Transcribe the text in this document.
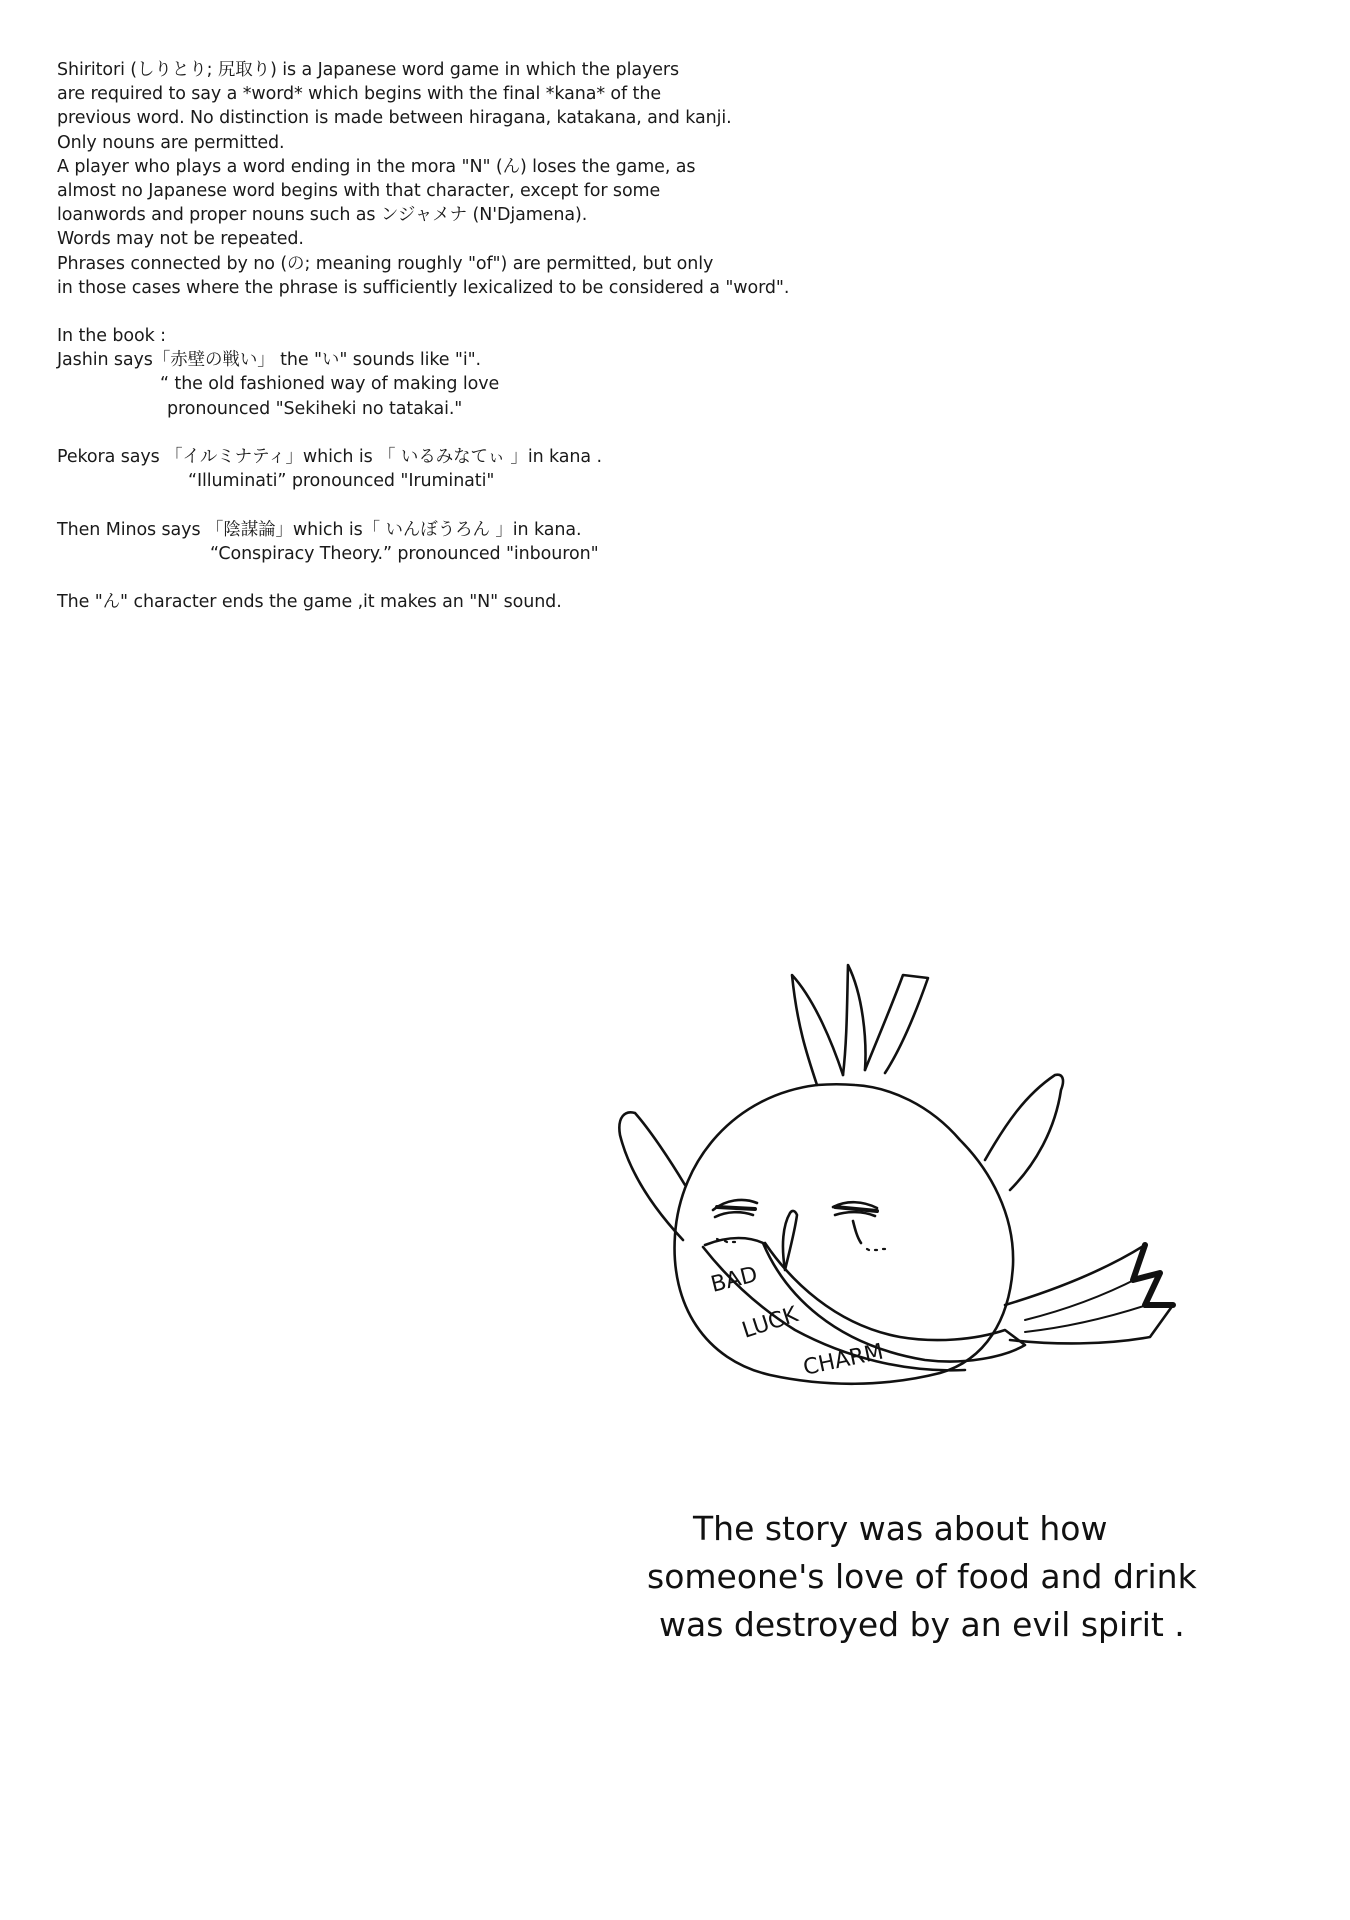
Shiritori (しりとり; 尻取り) is a Japanese word game in which the players
are required to say a *word* which begins with the final *kana* of the
previous word. No distinction is made between hiragana, katakana, and kanji.
Only nouns are permitted.
A player who plays a word ending in the mora "N" (ん) loses the game, as
almost no Japanese word begins with that character, except for some
loanwords and proper nouns such as ンジャメナ (N'Djamena).
Words may not be repeated.
Phrases connected by no (の; meaning roughly "of") are permitted, but only
in those cases where the phrase is sufficiently lexicalized to be considered a "word".
In the book :
Jashin says「赤壁の戦い」 the "い" sounds like "i".
“ the old fashioned way of making love
pronounced "Sekiheki no tatakai."
Pekora says 「イルミナティ」which is 「 いるみなてぃ 」in kana .
“Illuminati” pronounced "Iruminati"
Then Minos says 「陰謀論」which is「 いんぼうろん 」in kana.
“Conspiracy Theory.” pronounced "inbouron"
The "ん" character ends the game ,it makes an "N" sound.
BAD
LUCK
CHARM
The story was about how
someone's love of food and drink
was destroyed by an evil spirit .
